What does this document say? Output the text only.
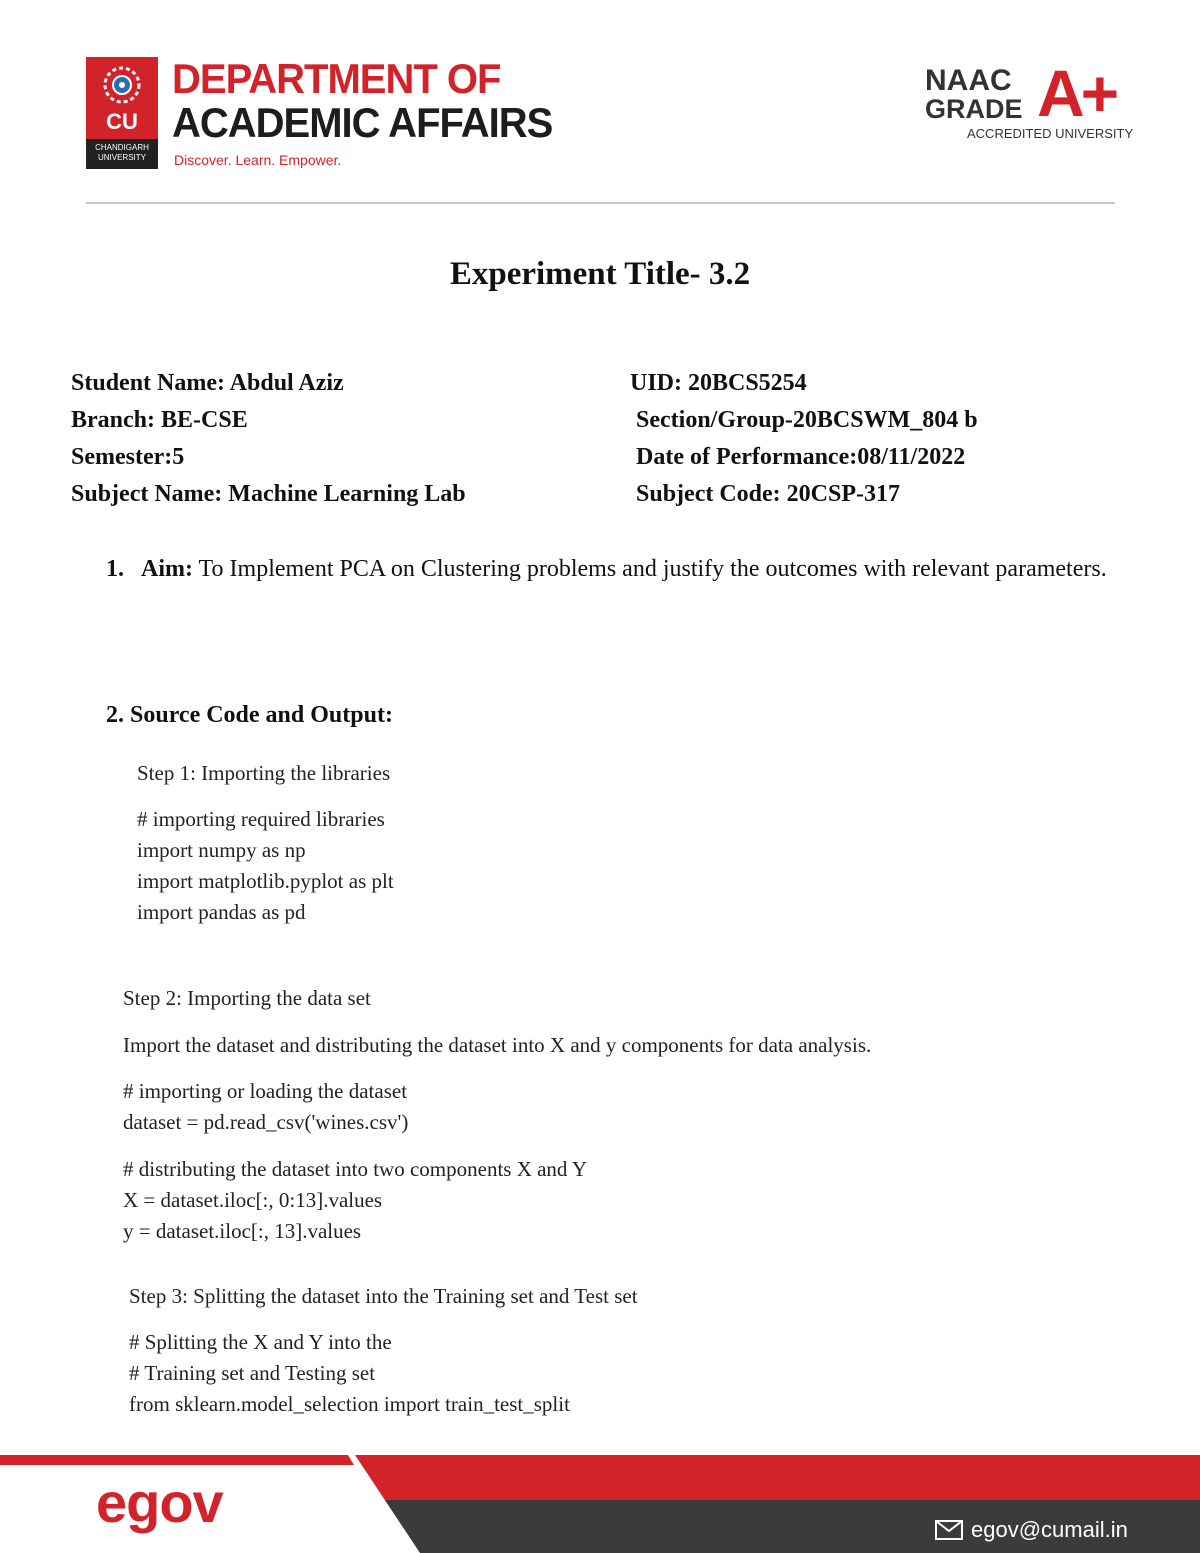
CU
CHANDIGARH UNIVERSITY
DEPARTMENT OF
ACADEMIC AFFAIRS
Discover. Learn. Empower.
NAAC
GRADE A+
ACCREDITED UNIVERSITY
Experiment Title- 3.2
Student Name: Abdul Aziz	UID: 20BCS5254
Branch: BE-CSE	Section/Group-20BCSWM_804 b
Semester:5	Date of Performance:08/11/2022
Subject Name: Machine Learning Lab	Subject Code: 20CSP-317
1. Aim: To Implement PCA on Clustering problems and justify the outcomes with relevant parameters.
2. Source Code and Output:
Step 1: Importing the libraries
# importing required libraries
import numpy as np
import matplotlib.pyplot as plt
import pandas as pd
Step 2: Importing the data set
Import the dataset and distributing the dataset into X and y components for data analysis.
# importing or loading the dataset
dataset = pd.read_csv('wines.csv')
# distributing the dataset into two components X and Y
X = dataset.iloc[:, 0:13].values
y = dataset.iloc[:, 13].values
Step 3: Splitting the dataset into the Training set and Test set
# Splitting the X and Y into the
# Training set and Testing set
from sklearn.model_selection import train_test_split
egov	egov@cumail.in
